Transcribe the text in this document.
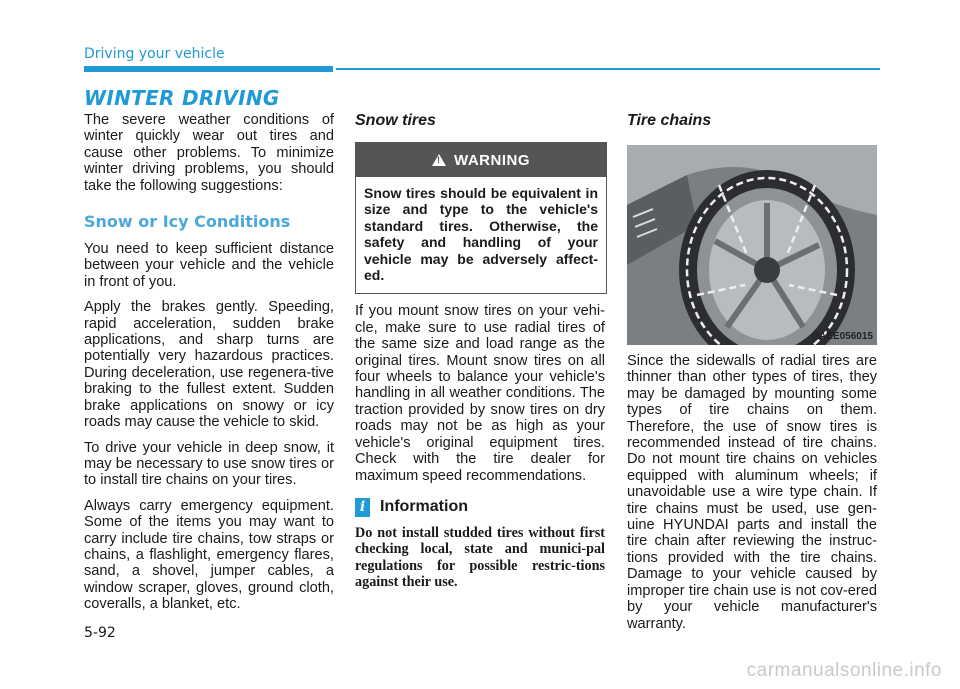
Driving your vehicle
WINTER DRIVING

The severe weather conditions of winter quickly wear out tires and cause other problems. To minimize winter driving problems, you should take the following suggestions:

Snow or Icy Conditions

You need to keep sufficient distance between your vehicle and the vehicle in front of you.

Apply the brakes gently. Speeding, rapid acceleration, sudden brake applications, and sharp turns are potentially very hazardous practices. During deceleration, use regenera-tive braking to the fullest extent. Sudden brake applications on snowy or icy roads may cause the vehicle to skid.

To drive your vehicle in deep snow, it may be necessary to use snow tires or to install tire chains on your tires.

Always carry emergency equipment. Some of the items you may want to carry include tire chains, tow straps or chains, a flashlight, emergency flares, sand, a shovel, jumper cables, a window scraper, gloves, ground cloth, coveralls, a blanket, etc.

Snow tires
!
WARNING
Snow tires should be equivalent in size and type to the vehicle's standard tires. Otherwise, the safety and handling of your vehicle may be adversely affect-ed.

If you mount snow tires on your vehi-cle, make sure to use radial tires of the same size and load range as the original tires. Mount snow tires on all four wheels to balance your vehicle's handling in all weather conditions. The traction provided by snow tires on dry roads may not be as high as your vehicle's original equipment tires. Check with the tire dealer for maximum speed recommendations.

i Information

Do not install studded tires without first checking local, state and munici-pal regulations for possible restric-tions against their use.

Tire chains
OAEE056015

Since the sidewalls of radial tires are thinner than other types of tires, they may be damaged by mounting some types of tire chains on them. Therefore, the use of snow tires is recommended instead of tire chains. Do not mount tire chains on vehicles equipped with aluminum wheels; if unavoidable use a wire type chain. If tire chains must be used, use gen-uine HYUNDAI parts and install the tire chain after reviewing the instruc-tions provided with the tire chains. Damage to your vehicle caused by improper tire chain use is not cov-ered by your vehicle manufacturer's warranty.

5-92
carmanualsonline.info
